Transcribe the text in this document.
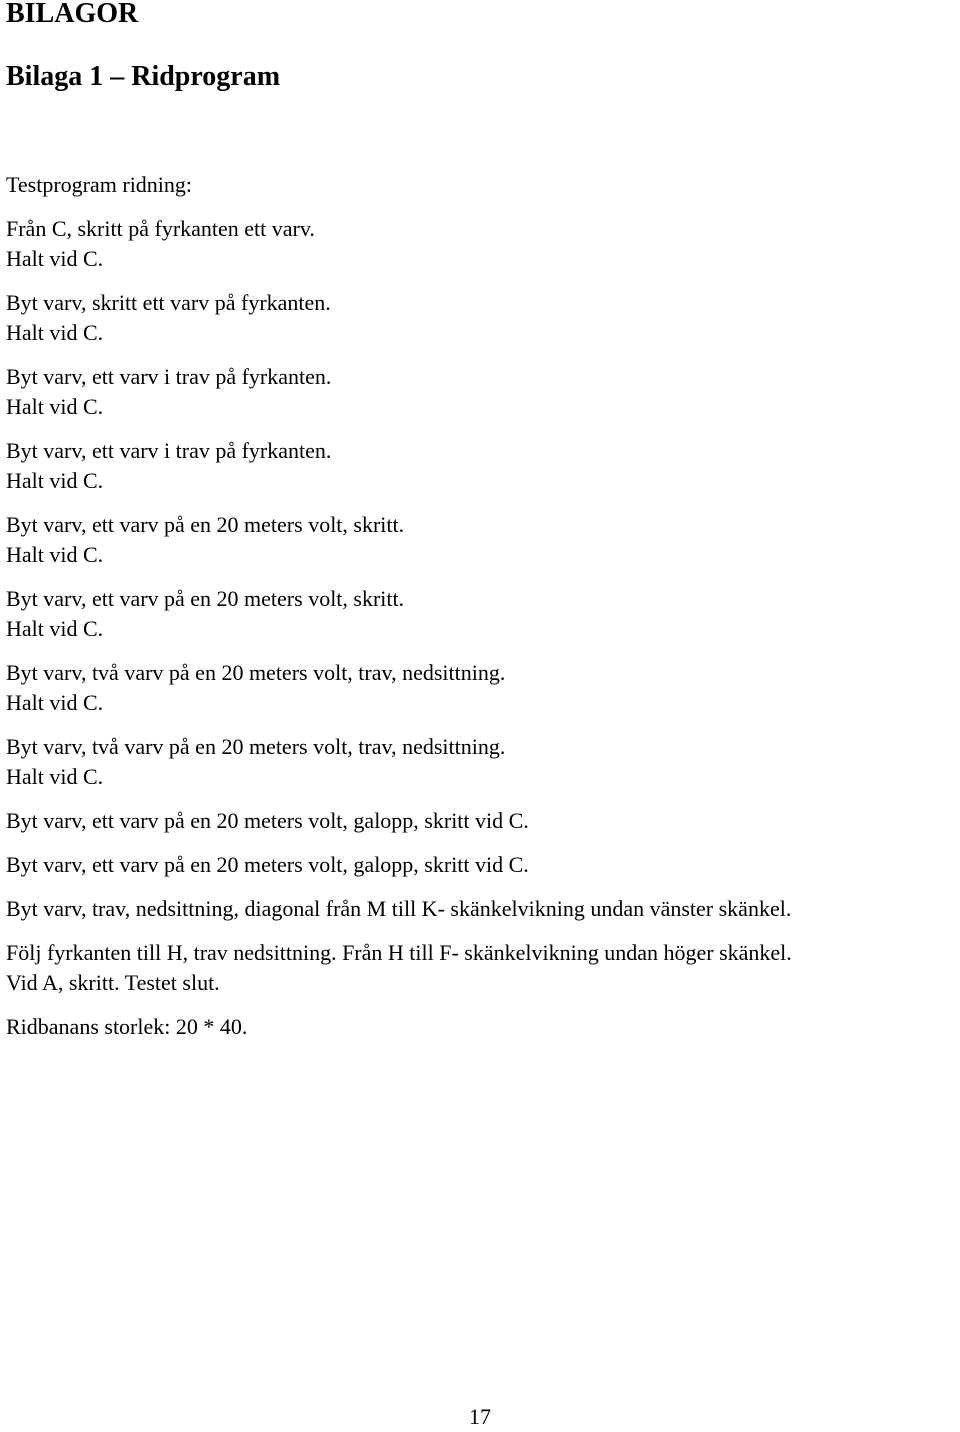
BILAGOR
Bilaga 1 – Ridprogram
Testprogram ridning:
Från C, skritt på fyrkanten ett varv.
Halt vid C.
Byt varv, skritt ett varv på fyrkanten.
Halt vid C.
Byt varv, ett varv i trav på fyrkanten.
Halt vid C.
Byt varv, ett varv i trav på fyrkanten.
Halt vid C.
Byt varv, ett varv på en 20 meters volt, skritt.
Halt vid C.
Byt varv, ett varv på en 20 meters volt, skritt.
Halt vid C.
Byt varv, två varv på en 20 meters volt, trav, nedsittning.
Halt vid C.
Byt varv, två varv på en 20 meters volt, trav, nedsittning.
Halt vid C.
Byt varv, ett varv på en 20 meters volt, galopp, skritt vid C.
Byt varv, ett varv på en 20 meters volt, galopp, skritt vid C.
Byt varv, trav, nedsittning, diagonal från M till K- skänkelvikning undan vänster skänkel.
Följ fyrkanten till H, trav nedsittning. Från H till F- skänkelvikning undan höger skänkel.
Vid A, skritt. Testet slut.
Ridbanans storlek: 20 * 40.
17
